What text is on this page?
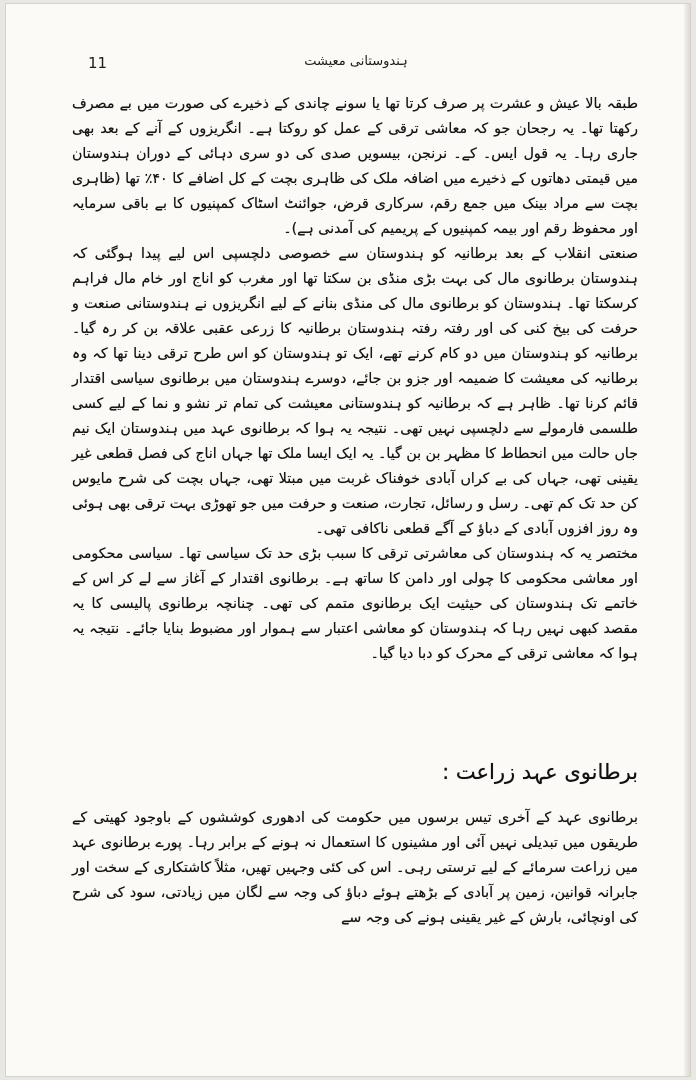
11	ہندوستانی معیشت

طبقہ بالا عیش و عشرت پر صرف کرتا تھا یا سونے چاندی کے ذخیرے کی صورت میں بے مصرف رکھتا تھا۔ یہ رجحان جو کہ معاشی ترقی کے عمل کو روکتا ہے۔ انگریزوں کے آنے کے بعد بھی جاری رہا۔ یہ قول ایس۔ کے۔ نرنجن، بیسویں صدی کی دو سری دہائی کے دوران ہندوستان میں قیمتی دھاتوں کے ذخیرے میں اضافہ ملک کی ظاہری بچت کے کل اضافے کا ۴۰٪ تھا (ظاہری بچت سے مراد بینک میں جمع رقم، سرکاری قرض، جوائنٹ اسٹاک کمپنیوں کا بے باقی سرمایہ اور محفوظ رقم اور بیمہ کمپنیوں کے پریمیم کی آمدنی ہے)۔

صنعتی انقلاب کے بعد برطانیہ کو ہندوستان سے خصوصی دلچسپی اس لیے پیدا ہوگئی کہ ہندوستان برطانوی مال کی بہت بڑی منڈی بن سکتا تھا اور مغرب کو اناج اور خام مال فراہم کرسکتا تھا۔ ہندوستان کو برطانوی مال کی منڈی بنانے کے لیے انگریزوں نے ہندوستانی صنعت و حرفت کی بیخ کنی کی اور رفتہ رفتہ ہندوستان برطانیہ کا زرعی عقبی علاقہ بن کر رہ گیا۔ برطانیہ کو ہندوستان میں دو کام کرنے تھے، ایک تو ہندوستان کو اس طرح ترقی دینا تھا کہ وہ برطانیہ کی معیشت کا ضمیمہ اور جزو بن جائے، دوسرے ہندوستان میں برطانوی سیاسی اقتدار قائم کرنا تھا۔ ظاہر ہے کہ برطانیہ کو ہندوستانی معیشت کی تمام تر نشو و نما کے لیے کسی طلسمی فارمولے سے دلچسپی نہیں تھی۔ نتیجہ یہ ہوا کہ برطانوی عہد میں ہندوستان ایک نیم جاں حالت میں انحطاط کا مظہر بن بن گیا۔ یہ ایک ایسا ملک تھا جہاں اناج کی فصل قطعی غیر یقینی تھی، جہاں کی بے کراں آبادی خوفناک غربت میں مبتلا تھی، جہاں بچت کی شرح مایوس کن حد تک کم تھی۔ رسل و رسائل، تجارت، صنعت و حرفت میں جو تھوڑی بہت ترقی بھی ہوئی وہ روز افزوں آبادی کے دباؤ کے آگے قطعی ناکافی تھی۔

مختصر یہ کہ ہندوستان کی معاشرتی ترقی کا سبب بڑی حد تک سیاسی تھا۔ سیاسی محکومی اور معاشی محکومی کا چولی اور دامن کا ساتھ ہے۔ برطانوی اقتدار کے آغاز سے لے کر اس کے خاتمے تک ہندوستان کی حیثیت ایک برطانوی متمم کی تھی۔ چنانچہ برطانوی پالیسی کا یہ مقصد کبھی نہیں رہا کہ ہندوستان کو معاشی اعتبار سے ہموار اور مضبوط بنایا جائے۔ نتیجہ یہ ہوا کہ معاشی ترقی کے محرک کو دبا دیا گیا۔

برطانوی عہد زراعت :
برطانوی عہد کے آخری تیس برسوں میں حکومت کی ادھوری کوششوں کے باوجود کھیتی کے طریقوں میں تبدیلی نہیں آئی اور مشینوں کا استعمال نہ ہونے کے برابر رہا۔ پورے برطانوی عہد میں زراعت سرمائے کے لیے ترستی رہی۔ اس کی کئی وجہیں تھیں، مثلاً کاشتکاری کے سخت اور جابرانہ قوانین، زمین پر آبادی کے بڑھتے ہوئے دباؤ کی وجہ سے لگان میں زیادتی، سود کی شرح کی اونچائی، بارش کے غیر یقینی ہونے کی وجہ سے
